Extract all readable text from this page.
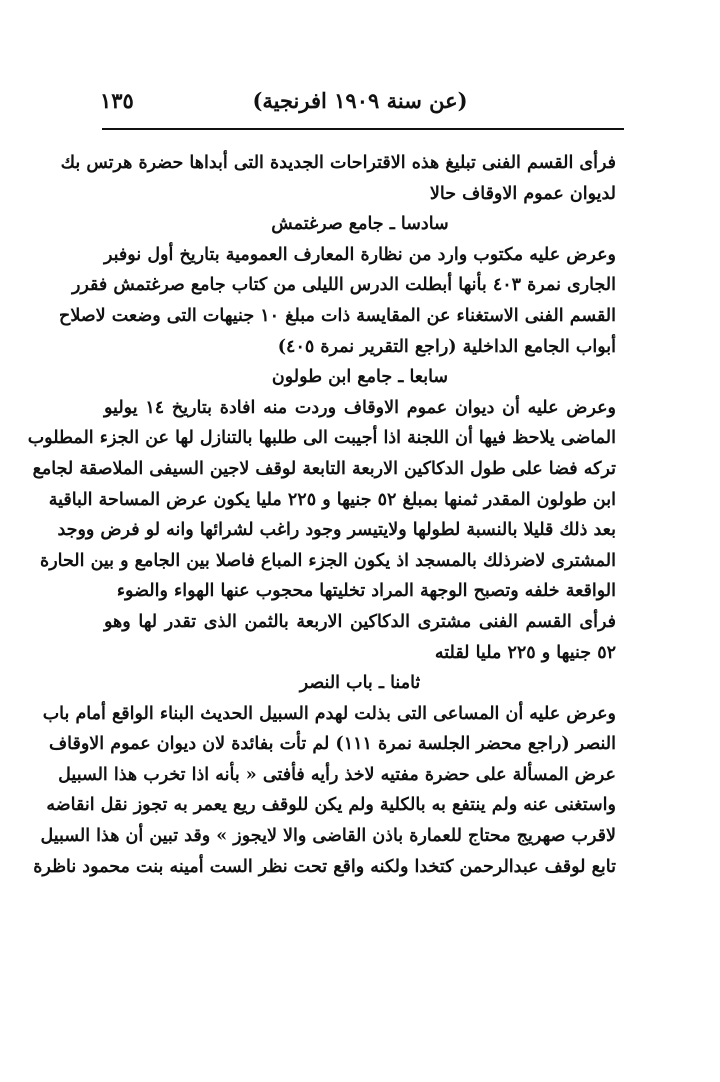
(عن سنة ١٩٠٩ افرنجية)
١٣٥
فرأى القسم الفنى تبليغ هذه الاقتراحات الجديدة التى أبداها حضرة هرتس بك
لديوان عموم الاوقاف حالا
سادسا ـ جامع صرغتمش
وعرض عليه مكتوب وارد من نظارة المعارف العمومية بتاريخ أول نوفبر
الجارى نمرة ٤٠٣ بأنها أبطلت الدرس الليلى من كتاب جامع صرغتمش فقرر
القسم الفنى الاستغناء عن المقايسة ذات مبلغ ١٠ جنيهات التى وضعت لاصلاح
أبواب الجامع الداخلية (راجع التقرير نمرة ٤٠٥)
سابعا ـ جامع ابن طولون
وعرض عليه أن ديوان عموم الاوقاف وردت منه افادة بتاريخ ١٤ يوليو
الماضى يلاحظ فيها أن اللجنة اذا أجيبت الى طلبها بالتنازل لها عن الجزء المطلوب
تركه فضا على طول الدكاكين الاربعة التابعة لوقف لاجين السيفى الملاصقة لجامع
ابن طولون المقدر ثمنها بمبلغ ٥٢ جنيها و ٢٢٥ مليا يكون عرض المساحة الباقية
بعد ذلك قليلا بالنسبة لطولها ولايتيسر وجود راغب لشرائها وانه لو فرض ووجد
المشترى لاضرذلك بالمسجد اذ يكون الجزء المباع فاصلا بين الجامع و بين الحارة
الواقعة خلفه وتصبح الوجهة المراد تخليتها محجوب عنها الهواء والضوء
فرأى القسم الفنى مشترى الدكاكين الاربعة بالثمن الذى تقدر لها وهو
٥٢ جنيها و ٢٢٥ مليا لقلته
ثامنا ـ باب النصر
وعرض عليه أن المساعى التى بذلت لهدم السبيل الحديث البناء الواقع أمام باب
النصر (راجع محضر الجلسة نمرة ١١١) لم تأت بفائدة لان ديوان عموم الاوقاف
عرض المسألة على حضرة مفتيه لاخذ رأيه فأفتى « بأنه اذا تخرب هذا السبيل
واستغنى عنه ولم ينتفع به بالكلية ولم يكن للوقف ريع يعمر به تجوز نقل انقاضه
لاقرب صهريج محتاج للعمارة باذن القاضى والا لايجوز » وقد تبين أن هذا السبيل
تابع لوقف عبدالرحمن كتخدا ولكنه واقع تحت نظر الست أمينه بنت محمود ناظرة
